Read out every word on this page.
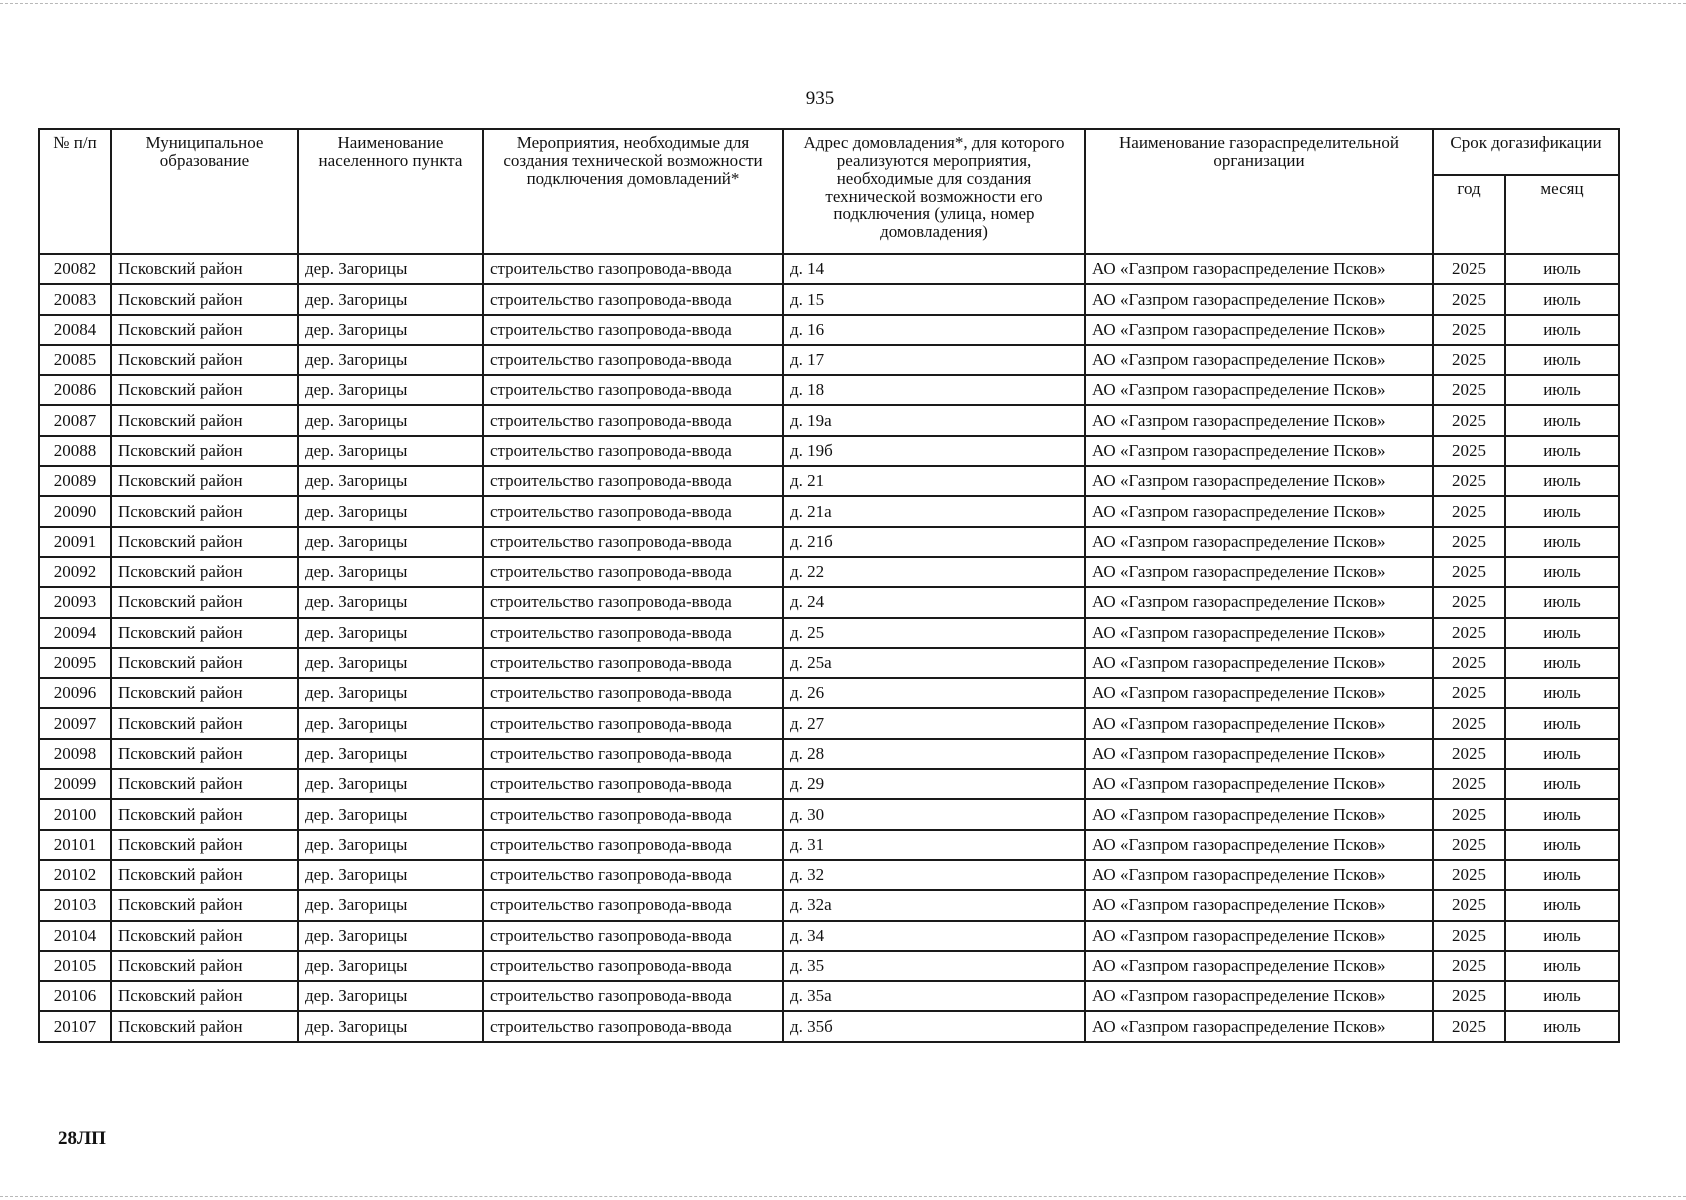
935
№ п/п	Муниципальное образование	Наименование населенного пункта	Мероприятия, необходимые для создания технической возможности подключения домовладений*	Адрес домовладения*, для которого реализуются мероприятия, необходимые для создания технической возможности его подключения (улица, номер домовладения)	Наименование газораспределительной организации	Срок догазификации	
						год	месяц
20082	Псковский район	дер. Загорицы	строительство газопровода-ввода	д. 14	АО «Газпром газораспределение Псков»	2025	июль
20083	Псковский район	дер. Загорицы	строительство газопровода-ввода	д. 15	АО «Газпром газораспределение Псков»	2025	июль
20084	Псковский район	дер. Загорицы	строительство газопровода-ввода	д. 16	АО «Газпром газораспределение Псков»	2025	июль
20085	Псковский район	дер. Загорицы	строительство газопровода-ввода	д. 17	АО «Газпром газораспределение Псков»	2025	июль
20086	Псковский район	дер. Загорицы	строительство газопровода-ввода	д. 18	АО «Газпром газораспределение Псков»	2025	июль
20087	Псковский район	дер. Загорицы	строительство газопровода-ввода	д. 19а	АО «Газпром газораспределение Псков»	2025	июль
20088	Псковский район	дер. Загорицы	строительство газопровода-ввода	д. 19б	АО «Газпром газораспределение Псков»	2025	июль
20089	Псковский район	дер. Загорицы	строительство газопровода-ввода	д. 21	АО «Газпром газораспределение Псков»	2025	июль
20090	Псковский район	дер. Загорицы	строительство газопровода-ввода	д. 21а	АО «Газпром газораспределение Псков»	2025	июль
20091	Псковский район	дер. Загорицы	строительство газопровода-ввода	д. 21б	АО «Газпром газораспределение Псков»	2025	июль
20092	Псковский район	дер. Загорицы	строительство газопровода-ввода	д. 22	АО «Газпром газораспределение Псков»	2025	июль
20093	Псковский район	дер. Загорицы	строительство газопровода-ввода	д. 24	АО «Газпром газораспределение Псков»	2025	июль
20094	Псковский район	дер. Загорицы	строительство газопровода-ввода	д. 25	АО «Газпром газораспределение Псков»	2025	июль
20095	Псковский район	дер. Загорицы	строительство газопровода-ввода	д. 25а	АО «Газпром газораспределение Псков»	2025	июль
20096	Псковский район	дер. Загорицы	строительство газопровода-ввода	д. 26	АО «Газпром газораспределение Псков»	2025	июль
20097	Псковский район	дер. Загорицы	строительство газопровода-ввода	д. 27	АО «Газпром газораспределение Псков»	2025	июль
20098	Псковский район	дер. Загорицы	строительство газопровода-ввода	д. 28	АО «Газпром газораспределение Псков»	2025	июль
20099	Псковский район	дер. Загорицы	строительство газопровода-ввода	д. 29	АО «Газпром газораспределение Псков»	2025	июль
20100	Псковский район	дер. Загорицы	строительство газопровода-ввода	д. 30	АО «Газпром газораспределение Псков»	2025	июль
20101	Псковский район	дер. Загорицы	строительство газопровода-ввода	д. 31	АО «Газпром газораспределение Псков»	2025	июль
20102	Псковский район	дер. Загорицы	строительство газопровода-ввода	д. 32	АО «Газпром газораспределение Псков»	2025	июль
20103	Псковский район	дер. Загорицы	строительство газопровода-ввода	д. 32а	АО «Газпром газораспределение Псков»	2025	июль
20104	Псковский район	дер. Загорицы	строительство газопровода-ввода	д. 34	АО «Газпром газораспределение Псков»	2025	июль
20105	Псковский район	дер. Загорицы	строительство газопровода-ввода	д. 35	АО «Газпром газораспределение Псков»	2025	июль
20106	Псковский район	дер. Загорицы	строительство газопровода-ввода	д. 35а	АО «Газпром газораспределение Псков»	2025	июль
20107	Псковский район	дер. Загорицы	строительство газопровода-ввода	д. 35б	АО «Газпром газораспределение Псков»	2025	июль
28ЛП
